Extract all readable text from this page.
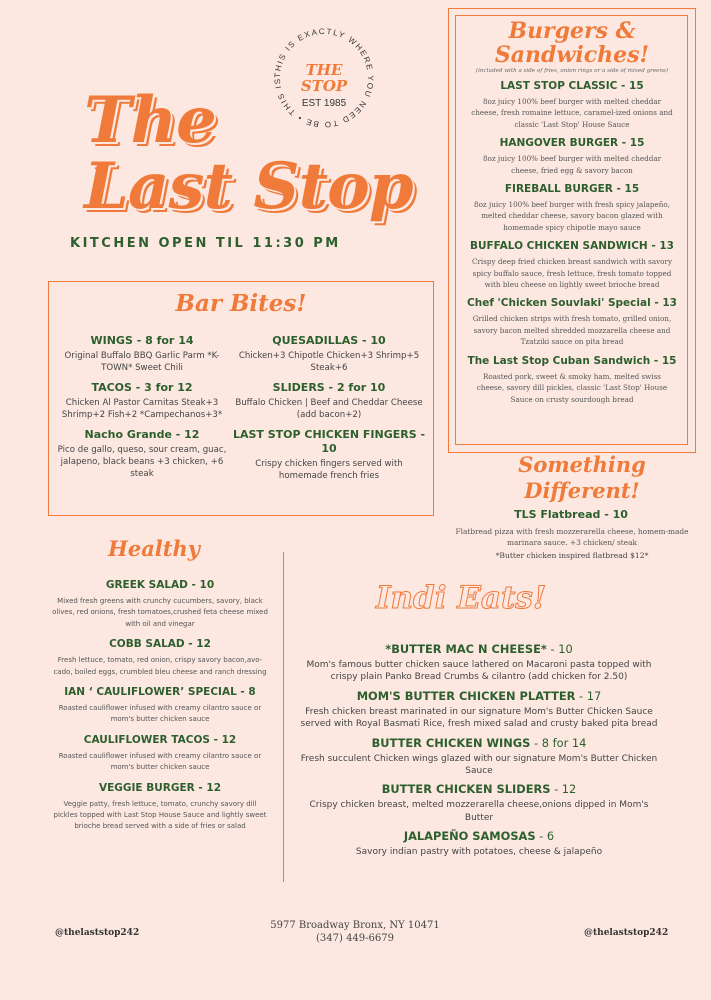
THIS IS EXACTLY WHERE YOU NEED TO BE • THIS IS
THE
STOP
EST 1985
The
Last Stop
KITCHEN OPEN TIL 11:30 PM
Burgers &
Sandwiches!
(included with a side of fries, onion rings or a side of mixed greens)
LAST STOP CLASSIC - 15
8oz juicy 100% beef burger with melted cheddar cheese, fresh romaine lettuce, caramel-ized onions and classic 'Last Stop' House Sauce
HANGOVER BURGER - 15
8oz juicy 100% beef burger with melted cheddar cheese, fried egg & savory bacon
FIREBALL BURGER - 15
8oz juicy 100% beef burger with fresh spicy jalapeño, melted cheddar cheese, savory bacon glazed with homemade spicy chipotle mayo sauce
BUFFALO CHICKEN SANDWICH - 13
Crispy deep fried chicken breast sandwich with savory spicy buffalo sauce, fresh lettuce, fresh tomato topped with bleu cheese on lightly sweet brioche bread
Chef 'Chicken Souvlaki' Special - 13
Grilled chicken strips with fresh tomato, grilled onion, savory bacon melted shredded mozzarella cheese and Tzatziki sauce on pita bread
The Last Stop Cuban Sandwich - 15
Roasted pork, sweet & smoky ham, melted swiss cheese, savory dill pickles, classic 'Last Stop' House Sauce on crusty sourdough bread
Bar Bites!
WINGS - 8 for 14
Original Buffalo BBQ Garlic Parm *K-TOWN* Sweet Chili
TACOS - 3 for 12
Chicken Al Pastor Carnitas Steak+3 Shrimp+2 Fish+2 *Campechanos+3*
Nacho Grande - 12
Pico de gallo, queso, sour cream, guac, jalapeno, black beans +3 chicken, +6 steak
QUESADILLAS - 10
Chicken+3 Chipotle Chicken+3 Shrimp+5 Steak+6
SLIDERS - 2 for 10
Buffalo Chicken | Beef and Cheddar Cheese (add bacon+2)
LAST STOP CHICKEN FINGERS - 10
Crispy chicken fingers served with homemade french fries	Something
Different!
TLS Flatbread - 10
Flatbread pizza with fresh mozzerarella cheese, homem-made marinara sauce. +3 chicken/ steak
*Butter chicken inspired flatbread $12*
Healthy
GREEK SALAD - 10
Mixed fresh greens with crunchy cucumbers, savory, black olives, red onions, fresh tomatoes,crushed feta cheese mixed with oil and vinegar
COBB SALAD - 12
Fresh lettuce, tomato, red onion, crispy savory bacon,avo-cado, boiled eggs, crumbled bleu cheese and ranch dressing
IAN ‘ CAULIFLOWER’ SPECIAL - 8
Roasted cauliflower infused with creamy cilantro sauce or mom's butter chicken sauce
CAULIFLOWER TACOS - 12
Roasted cauliflower infused with creamy cilantro sauce or mom's butter chicken sauce
VEGGIE BURGER - 12
Veggie patty, fresh lettuce, tomato, crunchy savory dill pickles topped with Last Stop House Sauce and lightly sweet brioche bread served with a side of fries or salad
Indi Eats!
*BUTTER MAC N CHEESE* - 10
Mom's famous butter chicken sauce lathered on Macaroni pasta topped with crispy plain Panko Bread Crumbs & cilantro (add chicken for 2.50)
MOM'S BUTTER CHICKEN PLATTER - 17
Fresh chicken breast marinated in our signature Mom's Butter Chicken Sauce served with Royal Basmati Rice, fresh mixed salad and crusty baked pita bread
BUTTER CHICKEN WINGS - 8 for 14
Fresh succulent Chicken wings glazed with our signature Mom's Butter Chicken Sauce
BUTTER CHICKEN SLIDERS - 12
Crispy chicken breast, melted mozzerarella cheese,onions dipped in Mom's Butter
JALAPEÑO SAMOSAS - 6
Savory indian pastry with potatoes, cheese & jalapeño
@thelaststop242
5977 Broadway Bronx, NY 10471
(347) 449-6679	@thelaststop242
